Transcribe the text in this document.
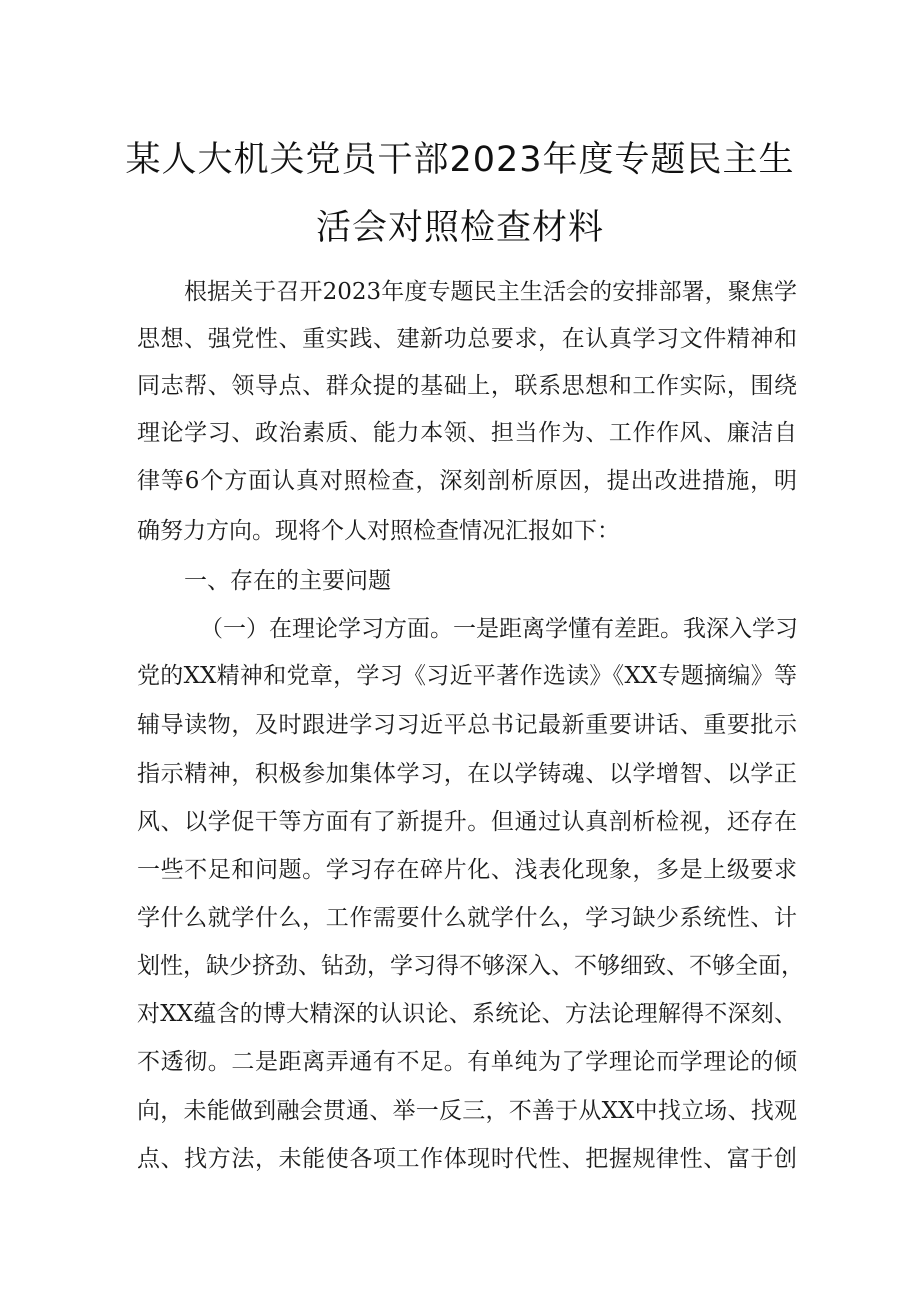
某人大机关党员干部2023年度专题民主生
活会对照检查材料
根据关于召开2023年度专题民主生活会的安排部署，聚焦学
思想、强党性、重实践、建新功总要求，在认真学习文件精神和
同志帮、领导点、群众提的基础上，联系思想和工作实际，围绕
理论学习、政治素质、能力本领、担当作为、工作作风、廉洁自
律等6个方面认真对照检查，深刻剖析原因，提出改进措施，明
确努力方向。现将个人对照检查情况汇报如下：
一、存在的主要问题
（一）在理论学习方面。一是距离学懂有差距。我深入学习
党的XX精神和党章，学习《习近平著作选读》《XX专题摘编》等
辅导读物，及时跟进学习习近平总书记最新重要讲话、重要批示
指示精神，积极参加集体学习，在以学铸魂、以学增智、以学正
风、以学促干等方面有了新提升。但通过认真剖析检视，还存在
一些不足和问题。学习存在碎片化、浅表化现象，多是上级要求
学什么就学什么，工作需要什么就学什么，学习缺少系统性、计
划性，缺少挤劲、钻劲，学习得不够深入、不够细致、不够全面，
对XX蕴含的博大精深的认识论、系统论、方法论理解得不深刻、
不透彻。二是距离弄通有不足。有单纯为了学理论而学理论的倾
向，未能做到融会贯通、举一反三，不善于从XX中找立场、找观
点、找方法，未能使各项工作体现时代性、把握规律性、富于创
